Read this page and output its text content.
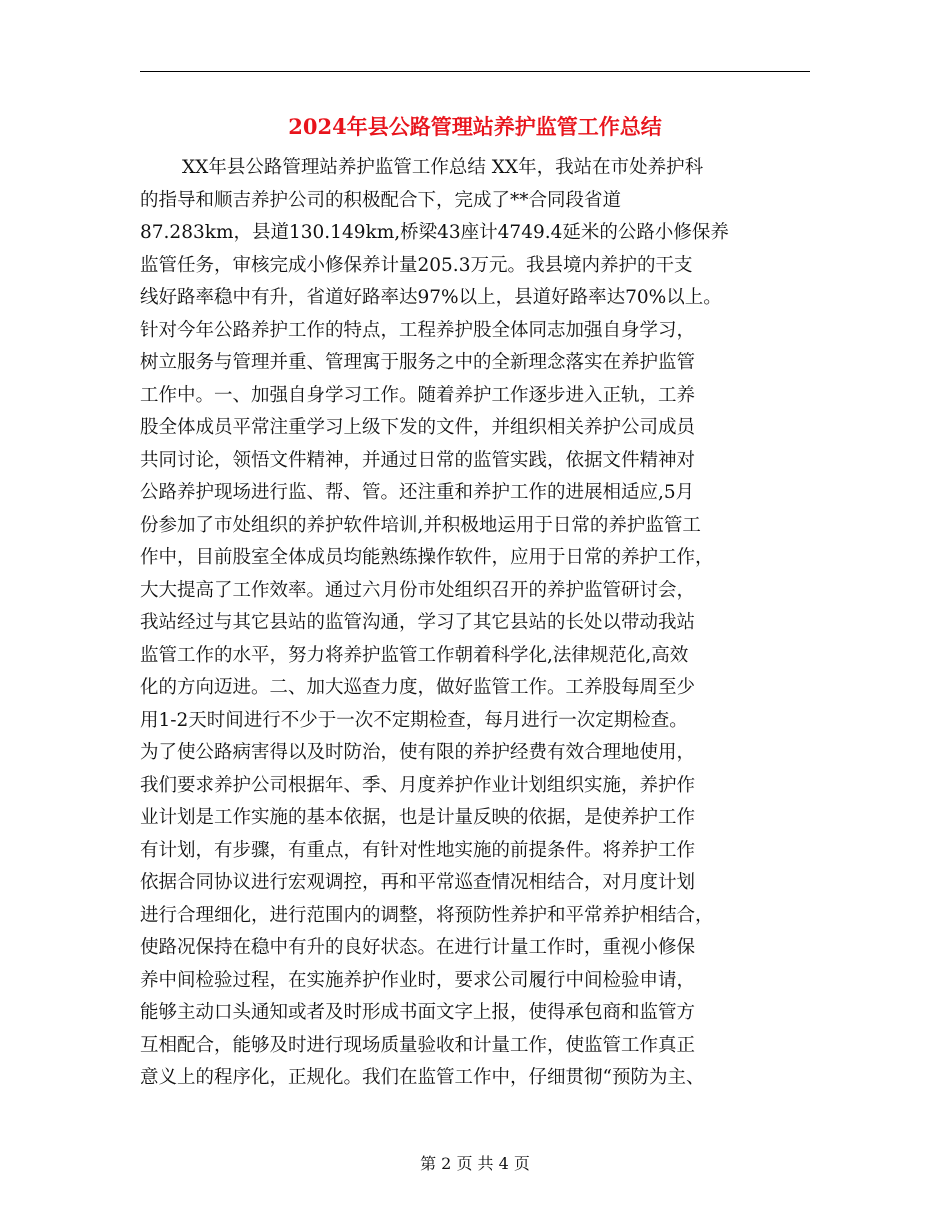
2024年县公路管理站养护监管工作总结
XX年县公路管理站养护监管工作总结 XX年，我站在市处养护科
的指导和顺吉养护公司的积极配合下，完成了**合同段省道
87.283km，县道130.149km,桥梁43座计4749.4延米的公路小修保养
监管任务，审核完成小修保养计量205.3万元。我县境内养护的干支
线好路率稳中有升，省道好路率达97%以上，县道好路率达70%以上。
针对今年公路养护工作的特点，工程养护股全体同志加强自身学习，
树立服务与管理并重、管理寓于服务之中的全新理念落实在养护监管
工作中。一、加强自身学习工作。随着养护工作逐步进入正轨，工养
股全体成员平常注重学习上级下发的文件，并组织相关养护公司成员
共同讨论，领悟文件精神，并通过日常的监管实践，依据文件精神对
公路养护现场进行监、帮、管。还注重和养护工作的进展相适应,5月
份参加了市处组织的养护软件培训,并积极地运用于日常的养护监管工
作中，目前股室全体成员均能熟练操作软件，应用于日常的养护工作，
大大提高了工作效率。通过六月份市处组织召开的养护监管研讨会，
我站经过与其它县站的监管沟通，学习了其它县站的长处以带动我站
监管工作的水平，努力将养护监管工作朝着科学化,法律规范化,高效
化的方向迈进。二、加大巡查力度，做好监管工作。工养股每周至少
用1-2天时间进行不少于一次不定期检查，每月进行一次定期检查。
为了使公路病害得以及时防治，使有限的养护经费有效合理地使用，
我们要求养护公司根据年、季、月度养护作业计划组织实施，养护作
业计划是工作实施的基本依据，也是计量反映的依据，是使养护工作
有计划，有步骤，有重点，有针对性地实施的前提条件。将养护工作
依据合同协议进行宏观调控，再和平常巡查情况相结合，对月度计划
进行合理细化，进行范围内的调整，将预防性养护和平常养护相结合，
使路况保持在稳中有升的良好状态。在进行计量工作时，重视小修保
养中间检验过程，在实施养护作业时，要求公司履行中间检验申请，
能够主动口头通知或者及时形成书面文字上报，使得承包商和监管方
互相配合，能够及时进行现场质量验收和计量工作，使监管工作真正
意义上的程序化，正规化。我们在监管工作中，仔细贯彻“预防为主、
第 2 页 共 4 页
